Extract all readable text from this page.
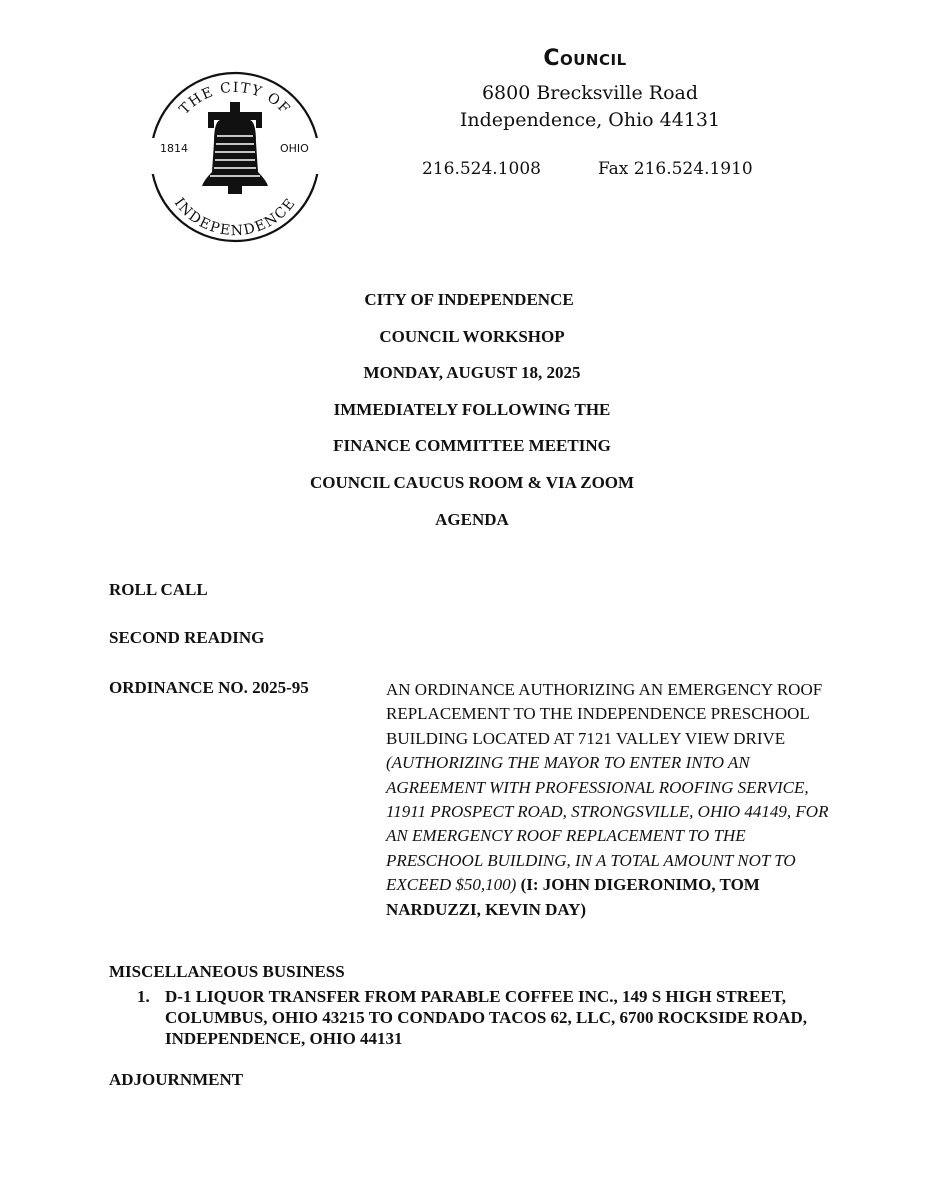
THE CITY OF
INDEPENDENCE
1814	OHIO
Council
6800 Brecksville Road
Independence, Ohio 44131
216.524.1008	Fax 216.524.1910
CITY OF INDEPENDENCE
COUNCIL WORKSHOP
MONDAY, AUGUST 18, 2025
IMMEDIATELY FOLLOWING THE
FINANCE COMMITTEE MEETING
COUNCIL CAUCUS ROOM & VIA ZOOM
AGENDA
ROLL CALL
SECOND READING
ORDINANCE NO. 2025-95	AN ORDINANCE AUTHORIZING AN EMERGENCY ROOF REPLACEMENT TO THE INDEPENDENCE PRESCHOOL BUILDING LOCATED AT 7121 VALLEY VIEW DRIVE (AUTHORIZING THE MAYOR TO ENTER INTO AN AGREEMENT WITH PROFESSIONAL ROOFING SERVICE, 11911 PROSPECT ROAD, STRONGSVILLE, OHIO 44149, FOR AN EMERGENCY ROOF REPLACEMENT TO THE PRESCHOOL BUILDING, IN A TOTAL AMOUNT NOT TO EXCEED $50,100) (I: JOHN DIGERONIMO, TOM NARDUZZI, KEVIN DAY)
MISCELLANEOUS BUSINESS
1. D-1 LIQUOR TRANSFER FROM PARABLE COFFEE INC., 149 S HIGH STREET, COLUMBUS, OHIO 43215 TO CONDADO TACOS 62, LLC, 6700 ROCKSIDE ROAD, INDEPENDENCE, OHIO 44131
ADJOURNMENT
